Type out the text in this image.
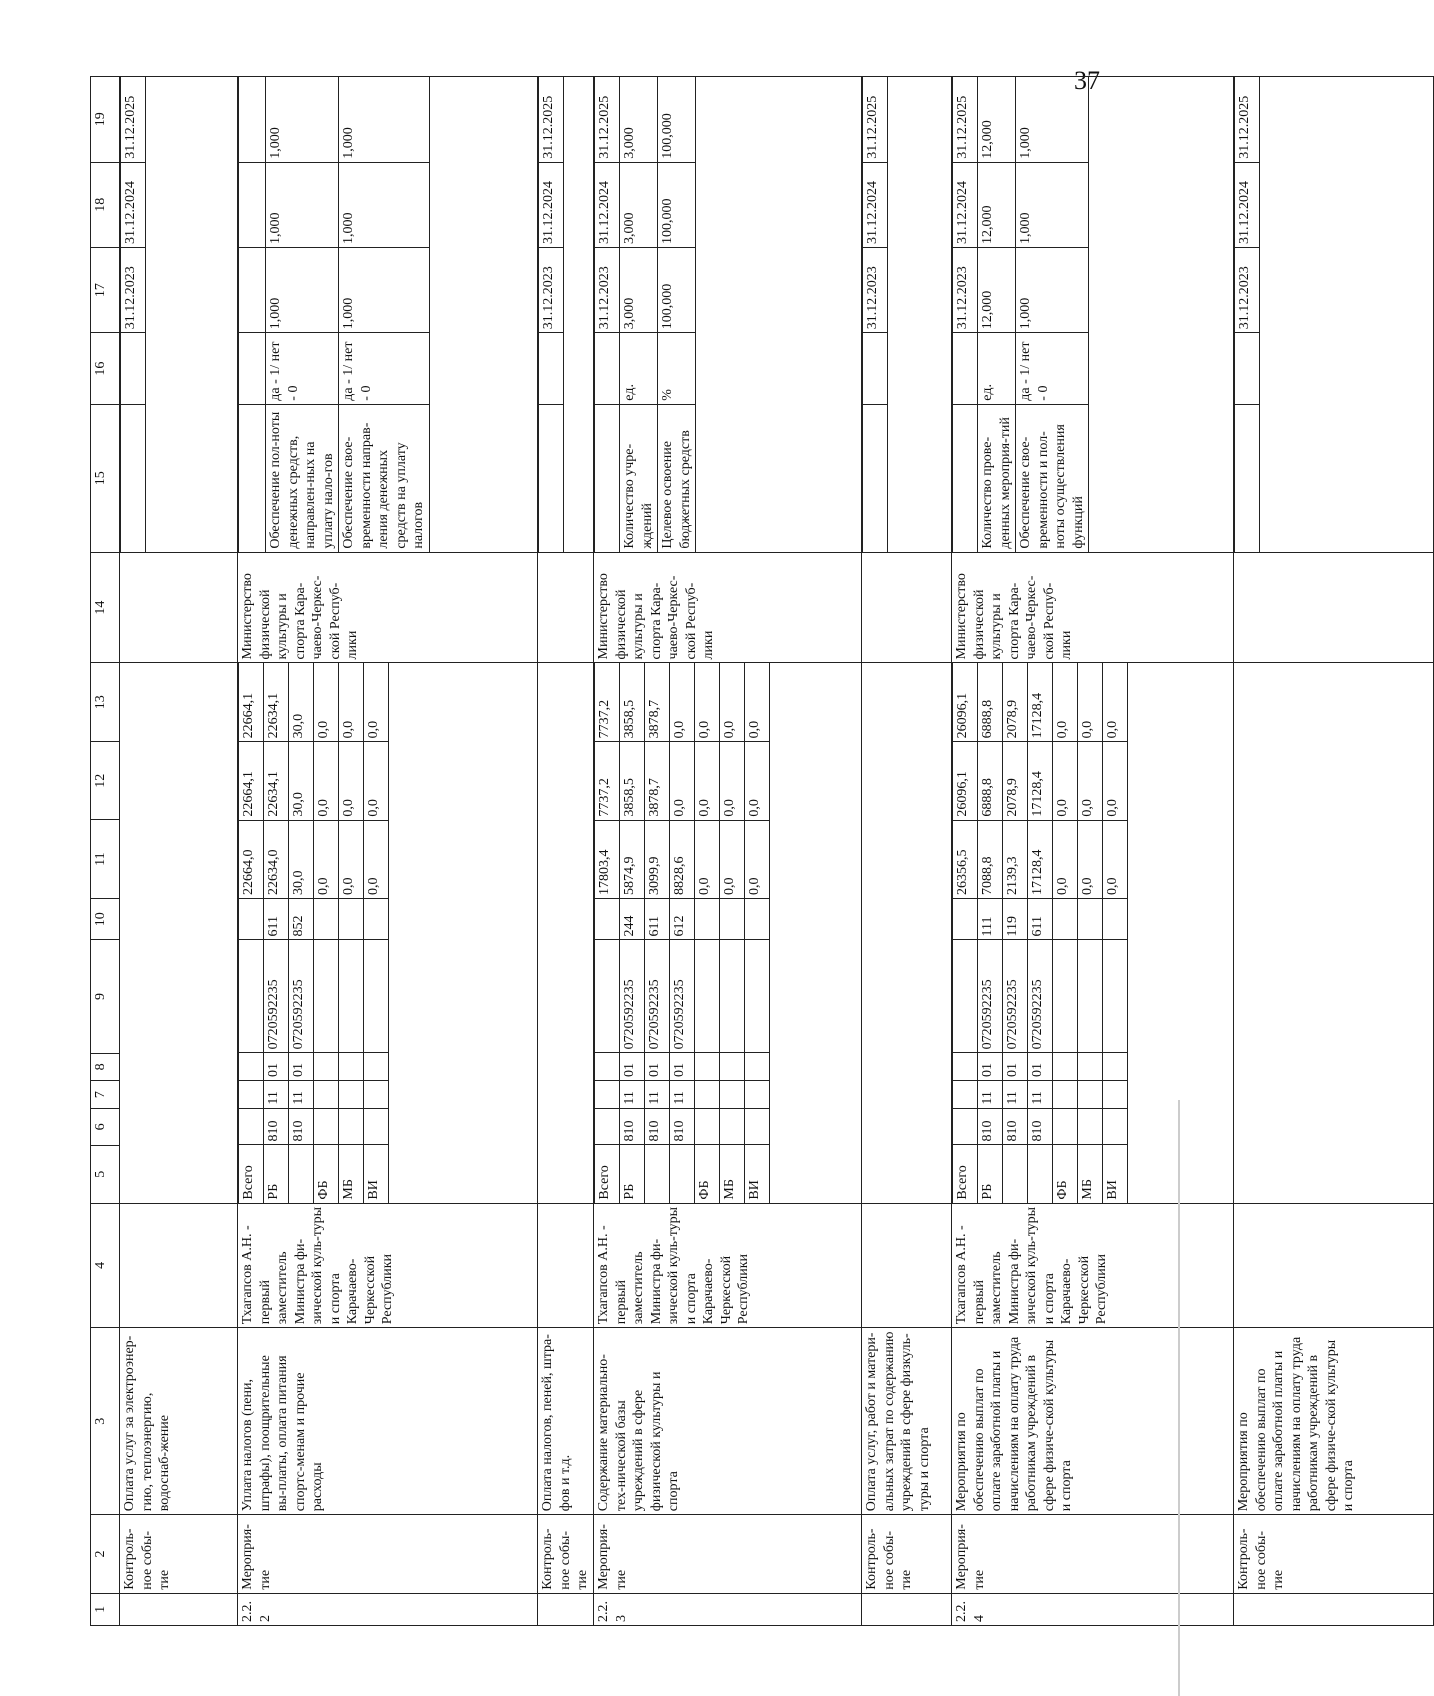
37
1	2	3	4	5	6	7	8	9	10	11	12	13	14	15	16	17	18	19
	Контроль-ное собы-тие	Оплата услуг за электроэнер-гию, теплоэнергию, водоснаб-жение				
		31.12.2023	31.12.2024	31.12.2025

2.2.2	Мероприя-тие	Уплата налогов (пени, штрафы), поощрительные вы-платы, оплата питания спортс-менам и прочие расходы	Тхагапсов А.Н. - первый заместитель Министра фи-зической куль-туры и спорта Карачаево-Черкесской Республики	
Всего						22664,0	22664,1	22664,1
РБ	810	11	01	0720592235	611	22634,0	22634,1	22634,1
	810	11	01	0720592235	852	30,0	30,0	30,0
ФБ						0,0	0,0	0,0
МБ						0,0	0,0	0,0
ВИ						0,0	0,0	0,0
	Министерство физической культуры и спорта Кара-чаево-Черкес-ской Респуб-лики	

Обеспечение пол-ноты денежных средств, направлен-ных на уплату нало-гов	да - 1/ нет - 0	1,000	1,000	1,000
Обеспечение свое-временности направ-ления денежных средств на уплату налогов	да - 1/ нет - 0	1,000	1,000	1,000

	Контроль-ное собы-тие	Оплата налогов, пеней, штра-фов и т.д.				
		31.12.2023	31.12.2024	31.12.2025

2.2.3	Мероприя-тие	Содержание материально-тех-нической базы учреждений в сфере физической культуры и спорта	Тхагапсов А.Н. - первый заместитель Министра фи-зической куль-туры и спорта Карачаево-Черкесской Республики	
Всего						17803,4	7737,2	7737,2
РБ	810	11	01	0720592235	244	5874,9	3858,5	3858,5
	810	11	01	0720592235	611	3099,9	3878,7	3878,7
	810	11	01	0720592235	612	8828,6	0,0	0,0
ФБ						0,0	0,0	0,0
МБ						0,0	0,0	0,0
ВИ						0,0	0,0	0,0
	Министерство физической культуры и спорта Кара-чаево-Черкес-ской Респуб-лики	
		31.12.2023	31.12.2024	31.12.2025
Количество учре-ждений	ед.	3,000	3,000	3,000
Целевое освоение бюджетных средств	%	100,000	100,000	100,000

	Контроль-ное собы-тие	Оплата услуг, работ и матери-альных затрат по содержанию учреждений в сфере физкуль-туры и спорта				
		31.12.2023	31.12.2024	31.12.2025

2.2.4	Мероприя-тие	Мероприятия по обеспечению выплат по оплате заработной платы и начислениям на оплату труда работникам учреждений в сфере физиче-ской культуры и спорта	Тхагапсов А.Н. - первый заместитель Министра фи-зической куль-туры и спорта Карачаево-Черкесской Республики	
Всего						26356,5	26096,1	26096,1
РБ	810	11	01	0720592235	111	7088,8	6888,8	6888,8
	810	11	01	0720592235	119	2139,3	2078,9	2078,9
	810	11	01	0720592235	611	17128,4	17128,4	17128,4
ФБ						0,0	0,0	0,0
МБ						0,0	0,0	0,0
ВИ						0,0	0,0	0,0
	Министерство физической культуры и спорта Кара-чаево-Черкес-ской Респуб-лики	
		31.12.2023	31.12.2024	31.12.2025
Количество прове-денных мероприя-тий	ед.	12,000	12,000	12,000
Обеспечение свое-временности и пол-ноты осуществления функций	да - 1/ нет - 0	1,000	1,000	1,000

	Контроль-ное собы-тие	Мероприятия по обеспечению выплат по оплате заработной платы и начислениям на оплату труда работникам учреждений в сфере физиче-ской культуры и спорта				
		31.12.2023	31.12.2024	31.12.2025
